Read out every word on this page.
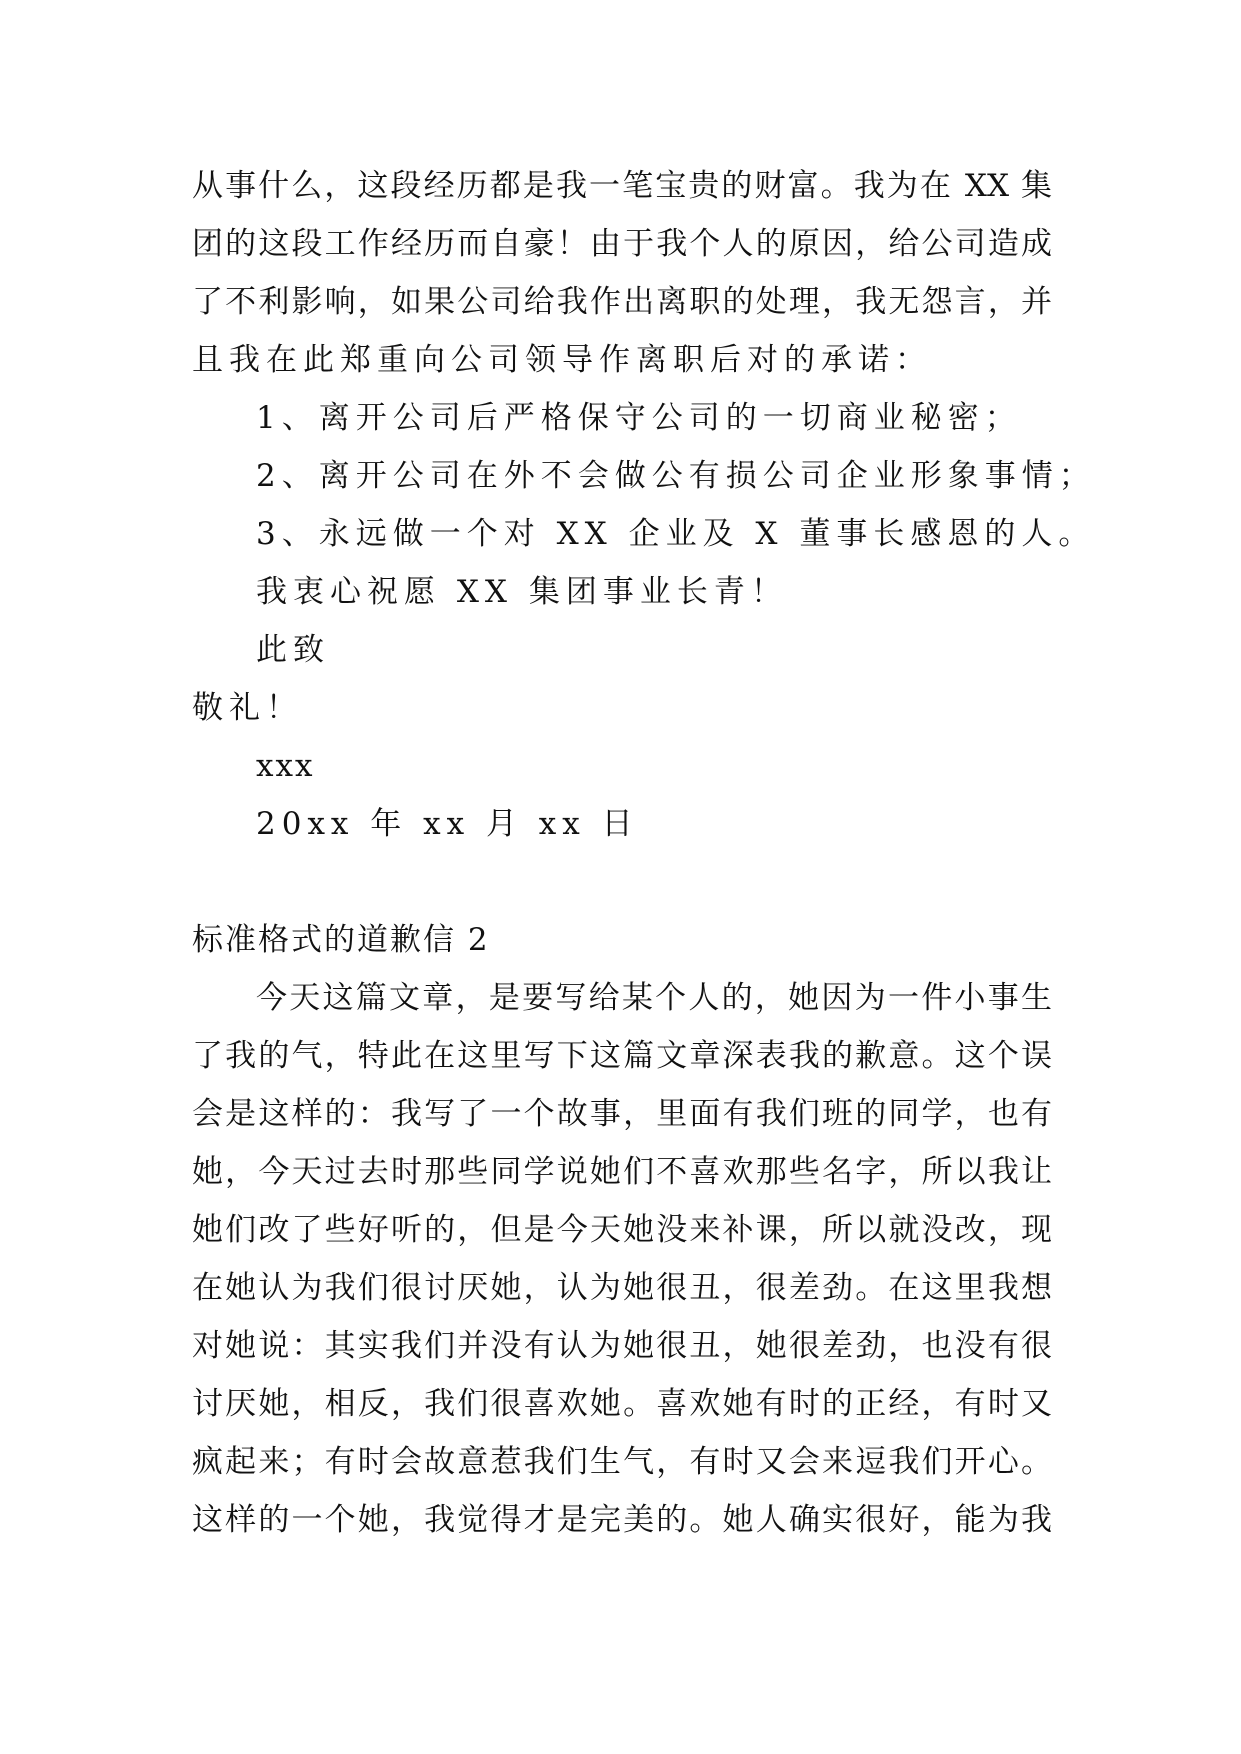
从事什么，这段经历都是我一笔宝贵的财富。我为在 XX 集
团的这段工作经历而自豪！由于我个人的原因，给公司造成
了不利影响，如果公司给我作出离职的处理，我无怨言，并
且我在此郑重向公司领导作离职后对的承诺：
1、离开公司后严格保守公司的一切商业秘密；
2、离开公司在外不会做公有损公司企业形象事情；
3、永远做一个对 XX 企业及 X 董事长感恩的人。
我衷心祝愿 XX 集团事业长青！
此致
敬礼！
xxx
20xx 年 xx 月 xx 日
标准格式的道歉信 2
今天这篇文章，是要写给某个人的，她因为一件小事生
了我的气，特此在这里写下这篇文章深表我的歉意。这个误
会是这样的：我写了一个故事，里面有我们班的同学，也有
她，今天过去时那些同学说她们不喜欢那些名字，所以我让
她们改了些好听的，但是今天她没来补课，所以就没改，现
在她认为我们很讨厌她，认为她很丑，很差劲。在这里我想
对她说：其实我们并没有认为她很丑，她很差劲，也没有很
讨厌她，相反，我们很喜欢她。喜欢她有时的正经，有时又
疯起来；有时会故意惹我们生气，有时又会来逗我们开心。
这样的一个她，我觉得才是完美的。她人确实很好，能为我
